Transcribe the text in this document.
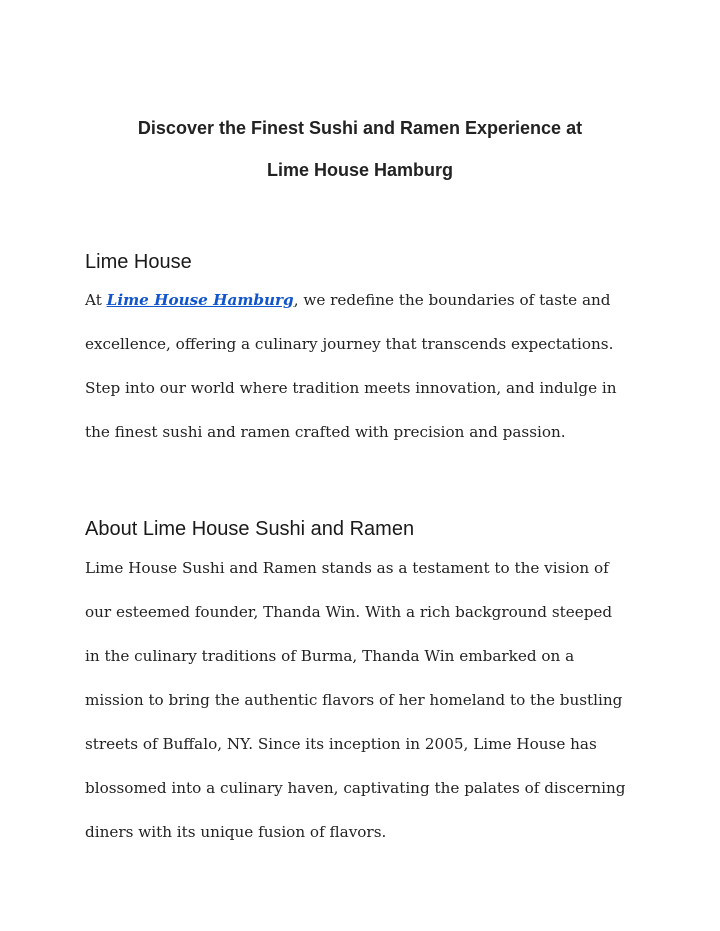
Discover the Finest Sushi and Ramen Experience at
Lime House Hamburg
Lime House
At Lime House Hamburg, we redefine the boundaries of taste and
excellence, offering a culinary journey that transcends expectations.
Step into our world where tradition meets innovation, and indulge in
the finest sushi and ramen crafted with precision and passion.
About Lime House Sushi and Ramen
Lime House Sushi and Ramen stands as a testament to the vision of
our esteemed founder, Thanda Win. With a rich background steeped
in the culinary traditions of Burma, Thanda Win embarked on a
mission to bring the authentic flavors of her homeland to the bustling
streets of Buffalo, NY. Since its inception in 2005, Lime House has
blossomed into a culinary haven, captivating the palates of discerning
diners with its unique fusion of flavors.
